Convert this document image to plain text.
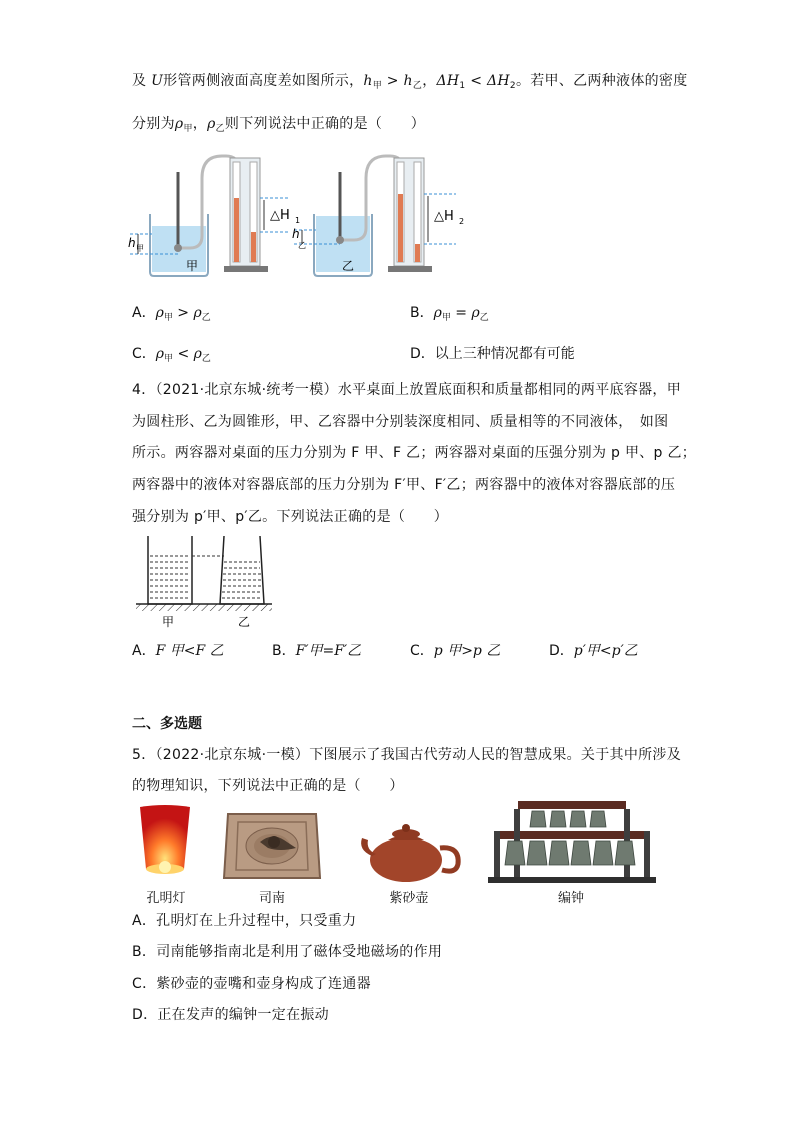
及 U形管两侧液面高度差如图所示，$h_甲 > h_乙$，$\Delta H_1 < \Delta H_2$。若甲、乙两种液体的密度
分别为$\rho_甲$，$\rho_乙$则下列说法中正确的是（　　）
h 甲
甲
△H 1
h
乙
乙
△H 2
A．$\rho_甲 > \rho_乙$	B．$\rho_甲 = \rho_乙$
C．$\rho_甲 < \rho_乙$	D．以上三种情况都有可能
4．（2021·北京东城·统考一模）水平桌面上放置底面积和质量都相同的两平底容器，甲
为圆柱形、乙为圆锥形，甲、乙容器中分别装深度相同、质量相等的不同液体，　如图
所示。两容器对桌面的压力分别为 F 甲、F 乙；两容器对桌面的压强分别为 p 甲、p 乙；
两容器中的液体对容器底部的压力分别为 F′甲、F′乙；两容器中的液体对容器底部的压
强分别为 p′甲、p′乙。下列说法正确的是（　　）
甲	乙
A．F 甲<F 乙	B．F′甲=F′乙	C．p 甲>p 乙	D．p′甲<p′乙
二、多选题
5．（2022·北京东城·一模）下图展示了我国古代劳动人民的智慧成果。关于其中所涉及
的物理知识，下列说法中正确的是（　　）
孔明灯	司南	紫砂壶	编钟
A．孔明灯在上升过程中，只受重力
B．司南能够指南北是利用了磁体受地磁场的作用
C．紫砂壶的壶嘴和壶身构成了连通器
D．正在发声的编钟一定在振动
